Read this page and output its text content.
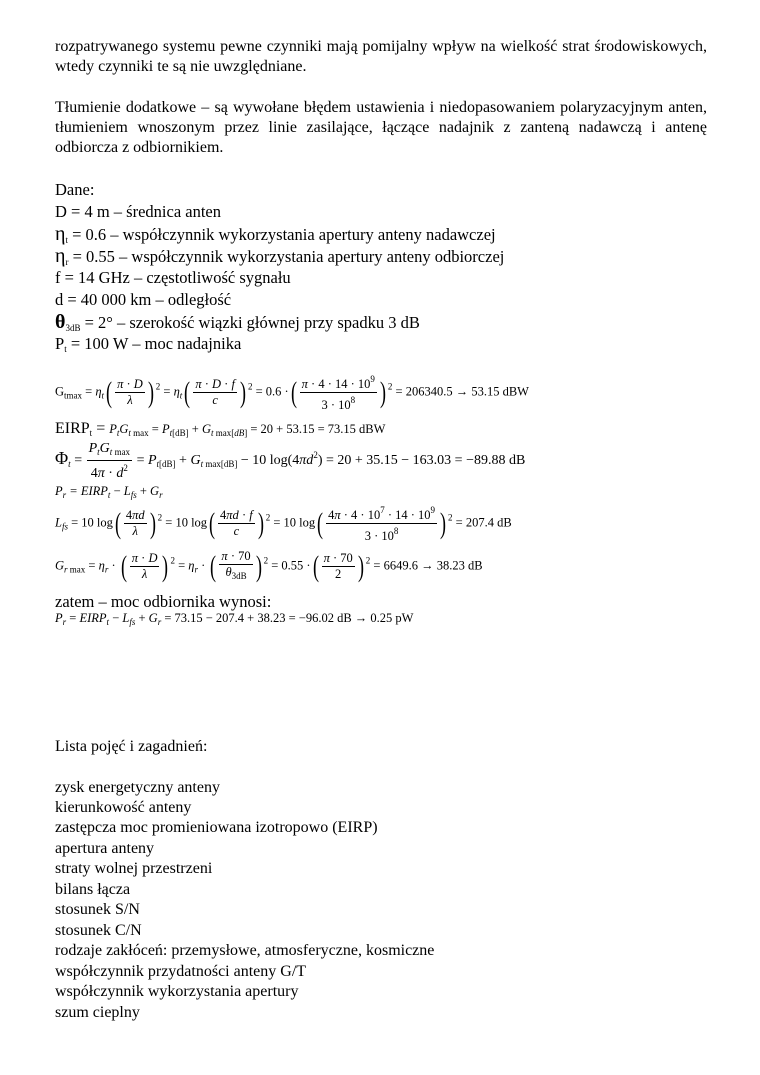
rozpatrywanego systemu pewne czynniki mają pomijalny wpływ na wielkość strat środowiskowych, wtedy czynniki te są nie uwzględniane.
Tłumienie dodatkowe – są wywołane błędem ustawienia i niedopasowaniem polaryzacyjnym anten, tłumieniem wnoszonym przez linie zasilające, łączące nadajnik z zanteną nadawczą i antenę odbiorcza z odbiornikiem.
Dane:
D = 4 m – średnica anten
$\eta_t = 0.6$ – współczynnik wykorzystania apertury anteny nadawczej
$\eta_r = 0.55$ – współczynnik wykorzystania apertury anteny odbiorczej
f = 14 GHz – częstotliwość sygnału
d = 40 000 km – odległość
$\theta_{3dB} = 2^\circ$ – szerokość wiązki głównej przy spadku 3 dB
$P_t = 100$ W – moc nadajnika
$G_{tmax} = \eta_t( \frac{\pi \cdot D}{\lambda}$ ) $^2 = \eta_t( \frac{\pi \cdot D \cdot f}{c}$ ) $^2$ = 0.6 ·( $\frac{\pi \cdot 4 \cdot 14 \cdot 10^9}{3 \cdot 10^8}$ ) $^2$ = 206340.5 → 53.15 dBW
$EIRP_t = P_tG_{t max} = P_{t[dB]} + G_{t max[dB]} = 20 + 53.15 = 73.15$ dBW
$\Phi_t = \frac{P_tG_{t max}}{4\pi \cdot d^2} = P_{t[dB]} + G_{t max[dB]} - 10$ $\log(4\pi d^2) = 20 + 35.15 - 163.03 = -89.88$ dB
$P_r$ = $EIRP_t - L_{fs} + G_r$
$L_{fs} = 10$ $\log( \frac{4\pi d}{\lambda}$ ) $^2$ = 10 $\log( \frac{4\pi d \cdot f}{c}$ ) $^2$ = 10 $\log( \frac{4\pi \cdot 4 \cdot 10^7 \cdot 14 \cdot 10^9}{3 \cdot 10^8}$ ) $^2$ = 207.4 dB
$G_{r max} = \eta_r$ · ( $\frac{\pi \cdot D}{\lambda}$ ) $^2 = \eta_r$ · ( $\frac{\pi \cdot 70}{\theta_{3dB}}$ ) $^2$ = 0.55 ·( $\frac{\pi \cdot 70}{2}$ ) $^2$ = 6649.6 → 38.23 dB
zatem – moc odbiornika wynosi:
$P_r$ = $EIRP_t - L_{fs} + G_r = 73.15 - 207.4 + 38.23 = -96.02$ dB → 0.25 pW
Lista pojęć i zagadnień:
zysk energetyczny anteny
kierunkowość anteny
zastępcza moc promieniowana izotropowo (EIRP)
apertura anteny
straty wolnej przestrzeni
bilans łącza
stosunek S/N
stosunek C/N
rodzaje zakłóceń: przemysłowe, atmosferyczne, kosmiczne
współczynnik przydatności anteny G/T
współczynnik wykorzystania apertury
szum cieplny
